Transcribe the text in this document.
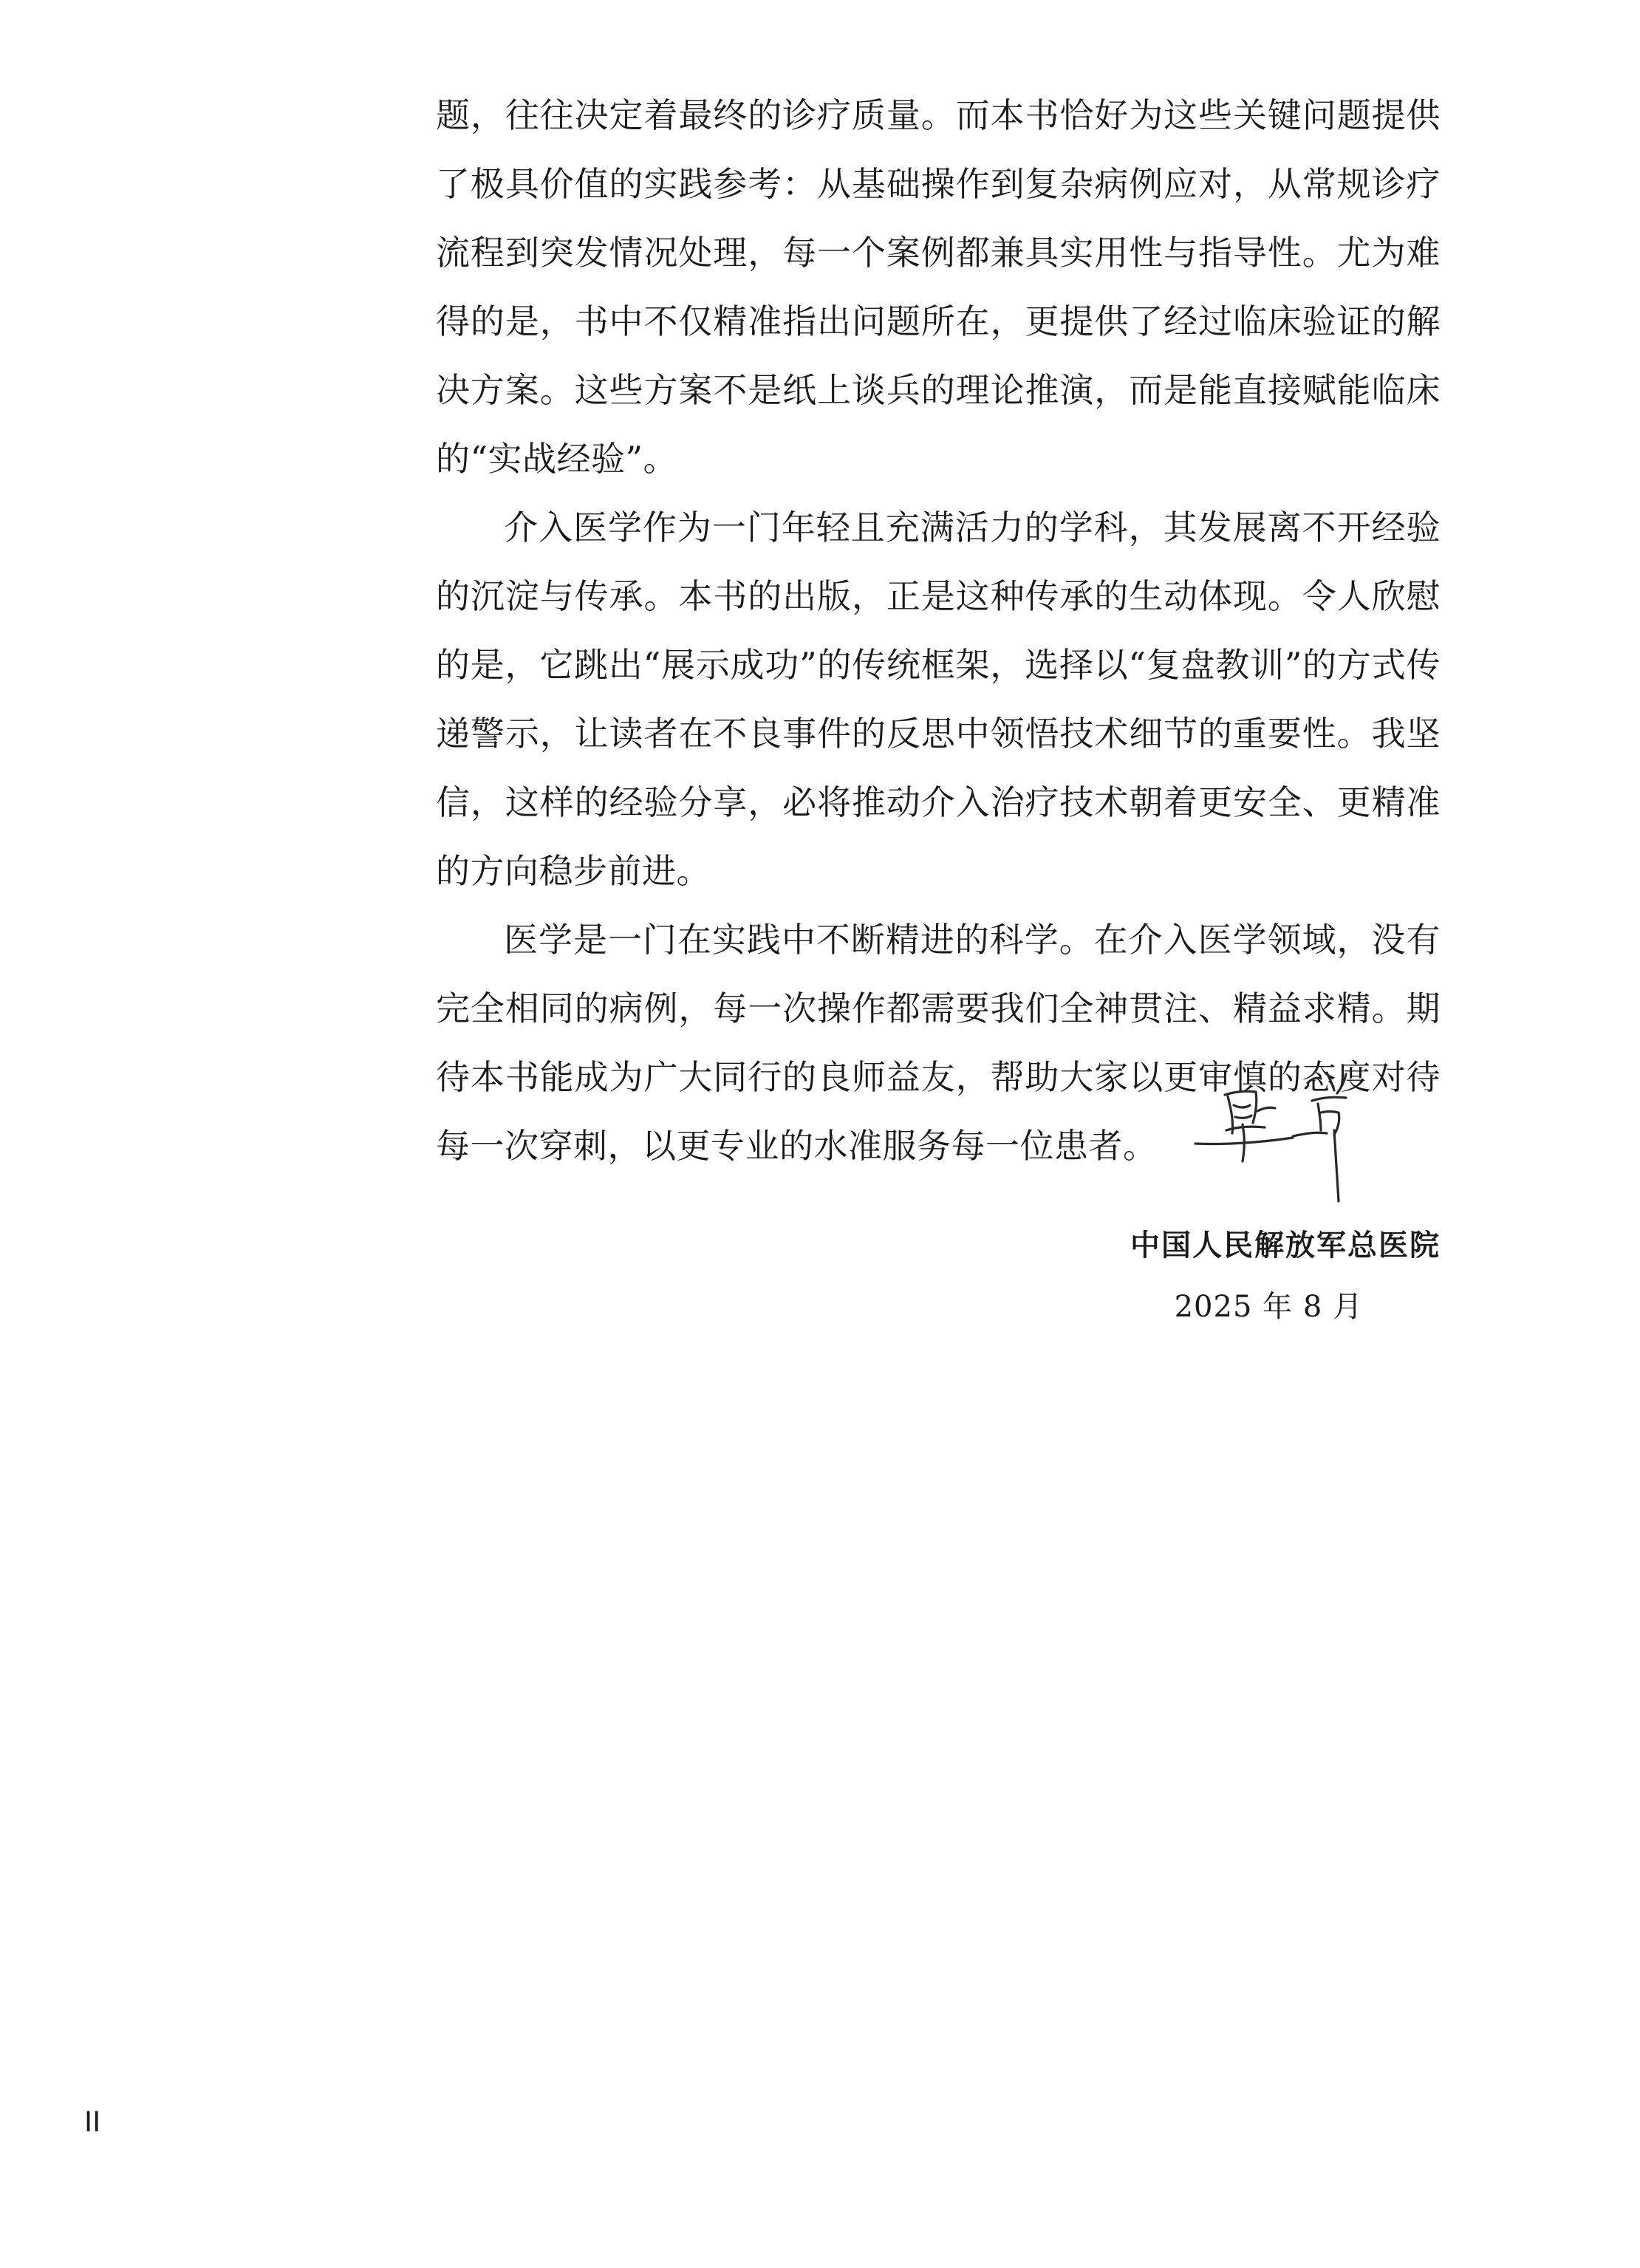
题，往往决定着最终的诊疗质量。而本书恰好为这些关键问题提供了极具价值的实践参考：从基础操作到复杂病例应对，从常规诊疗流程到突发情况处理，每一个案例都兼具实用性与指导性。尤为难得的是，书中不仅精准指出问题所在，更提供了经过临床验证的解决方案。这些方案不是纸上谈兵的理论推演，而是能直接赋能临床的“实战经验”。

介入医学作为一门年轻且充满活力的学科，其发展离不开经验的沉淀与传承。本书的出版，正是这种传承的生动体现。令人欣慰的是，它跳出“展示成功”的传统框架，选择以“复盘教训”的方式传递警示，让读者在不良事件的反思中领悟技术细节的重要性。我坚信，这样的经验分享，必将推动介入治疗技术朝着更安全、更精准的方向稳步前进。

医学是一门在实践中不断精进的科学。在介入医学领域，没有完全相同的病例，每一次操作都需要我们全神贯注、精益求精。期待本书能成为广大同行的良师益友，帮助大家以更审慎的态度对待每一次穿刺，以更专业的水准服务每一位患者。

中国人民解放军总医院
2025 年 8 月
II
